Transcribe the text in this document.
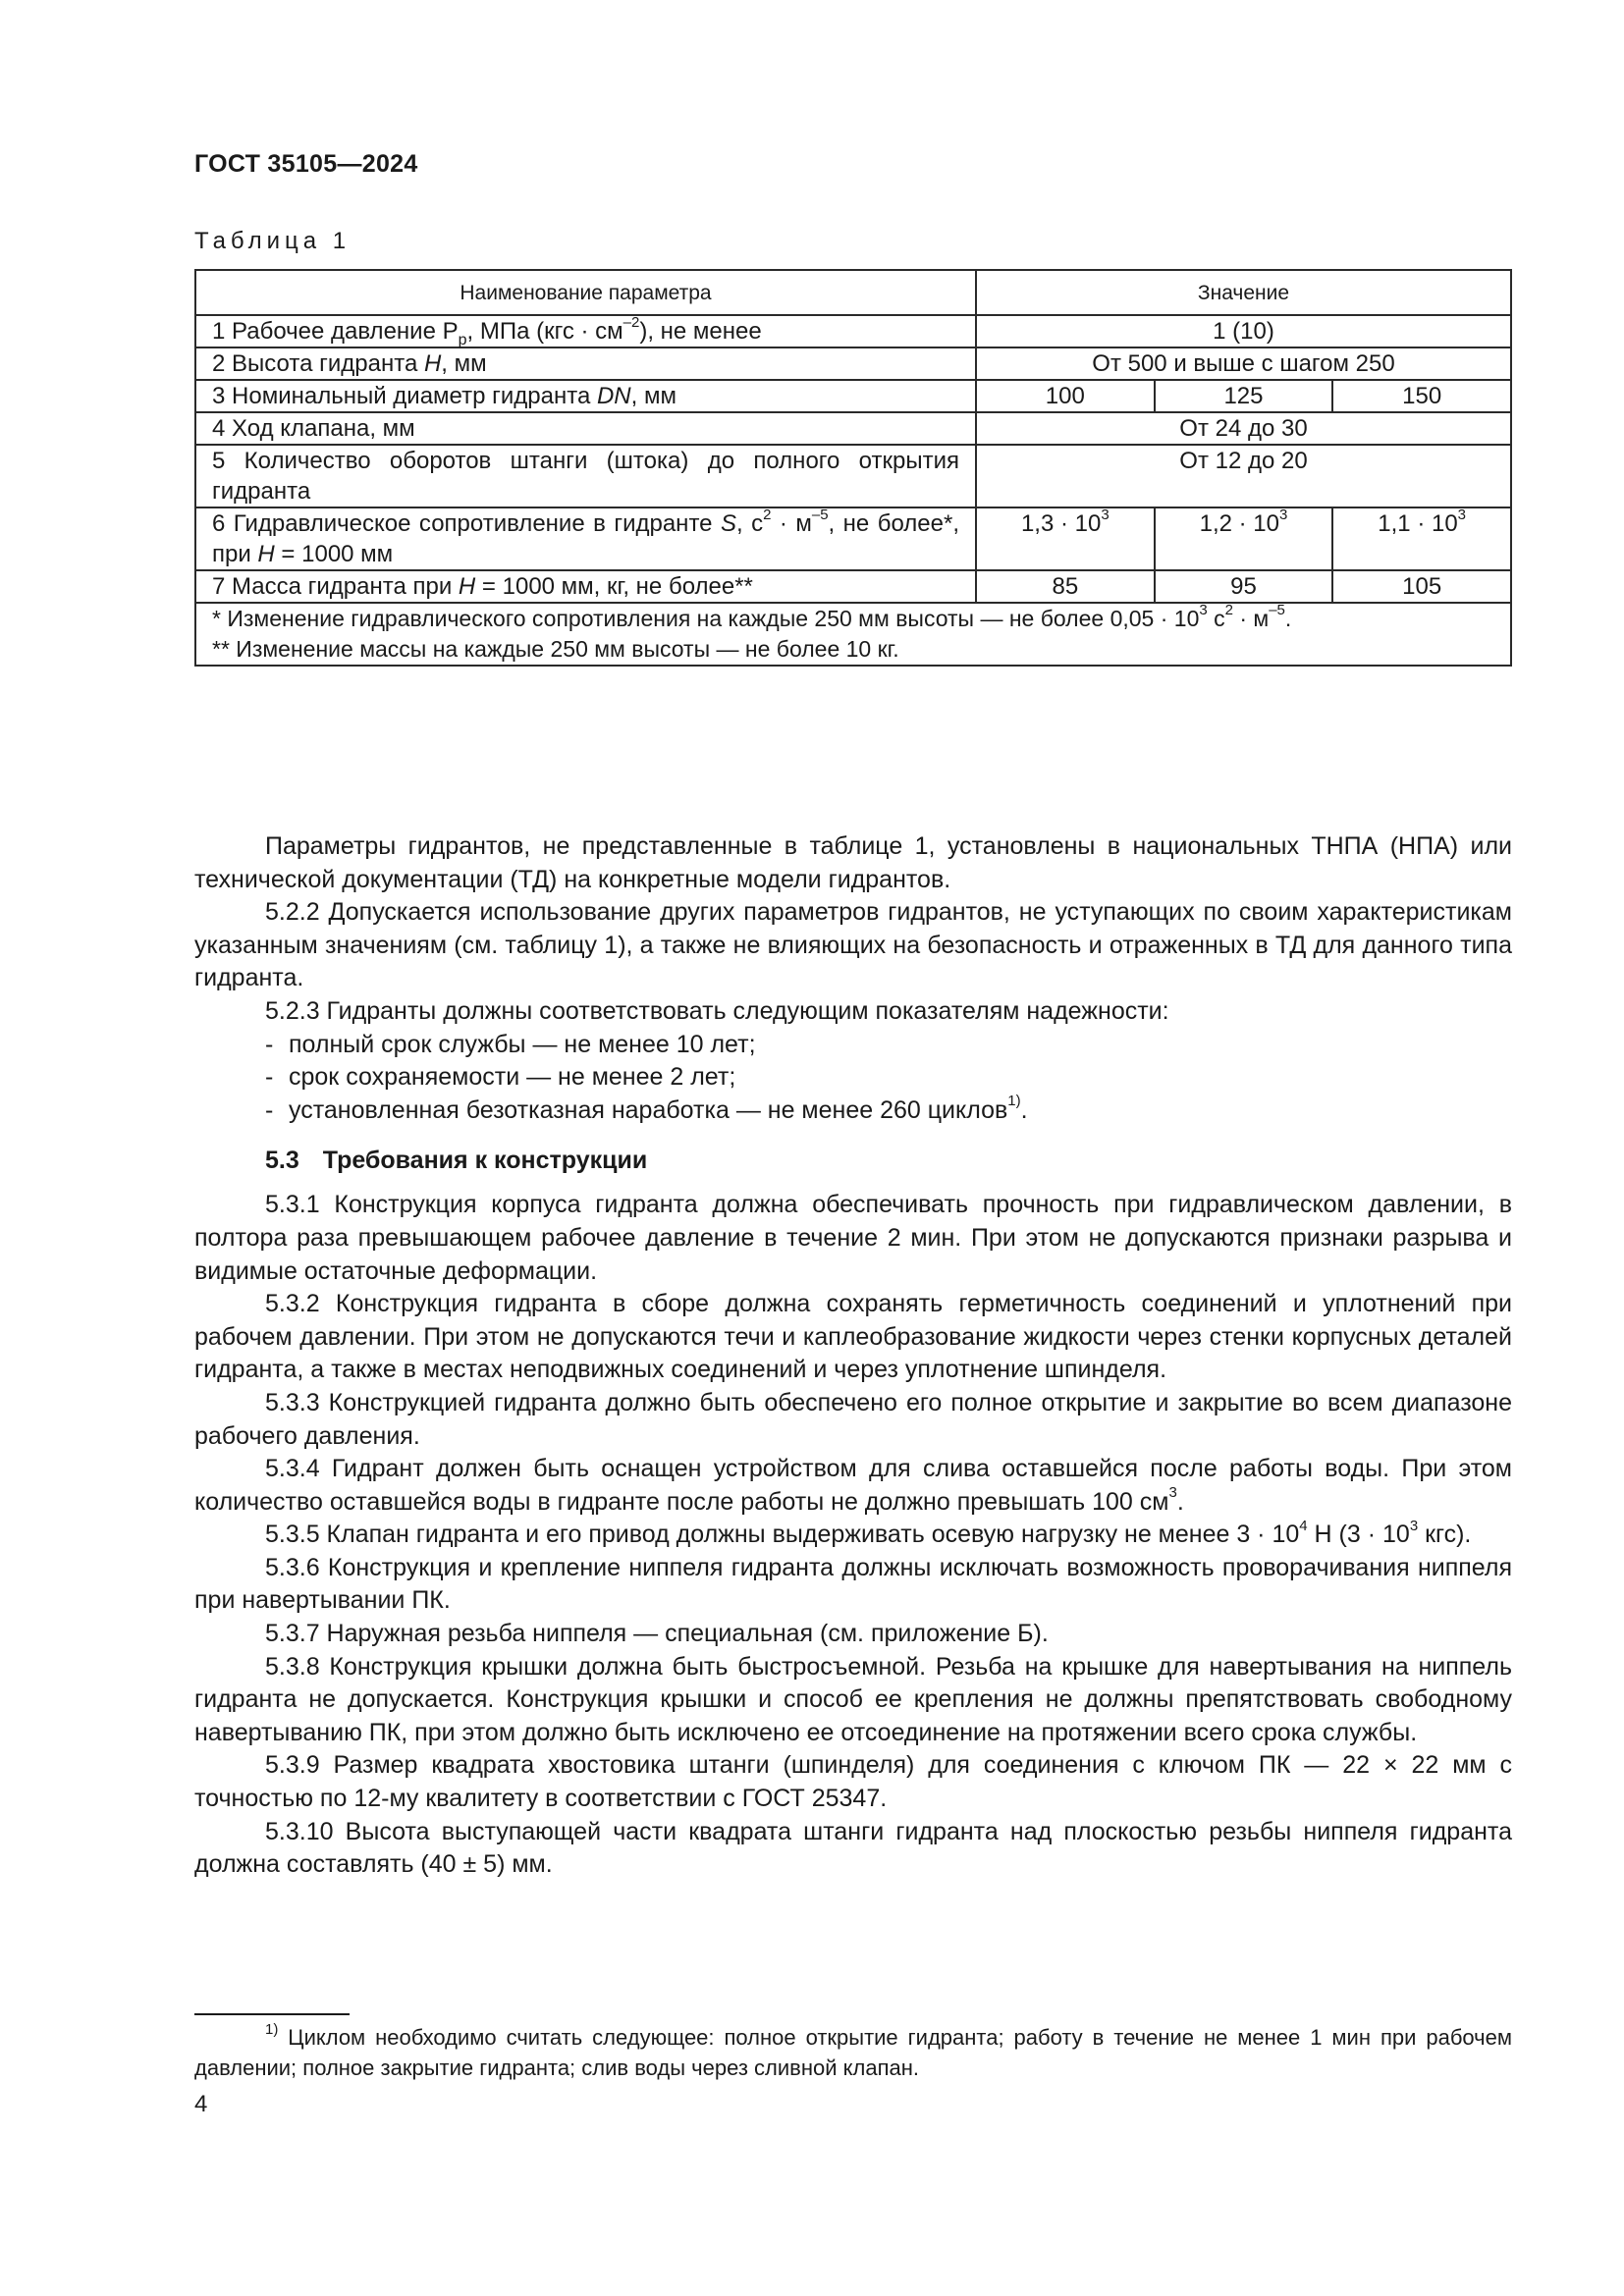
ГОСТ 35105—2024
Таблица 1
Наименование параметра	Значение		
1 Рабочее давление $P_р$, МПа $(кгс \cdot см^{-2})$, не менее	1 (10)		
2 Высота гидранта H, мм	От 500 и выше с шагом 250		
3 Номинальный диаметр гидранта DN, мм	100	125	150
4 Ход клапана, мм	От 24 до 30		
5 Количество оборотов штанги (штока) до полного открытия гидранта	От 12 до 20		
6 Гидравлическое сопротивление в гидранте S, $с^2 \cdot м^{-5}$, не более*, при H = 1000 мм	$1,3 \cdot 10^3$	$1,2 \cdot 10^3$	$1,1 \cdot 10^3$
7 Масса гидранта при H = 1000 мм, кг, не более**	85	95	105

* Изменение гидравлического сопротивления на каждые 250 мм высоты — не более $0,05 \cdot 10^3$ $с^2 \cdot м^{-5}$.
** Изменение массы на каждые 250 мм высоты — не более 10 кг.			

Параметры гидрантов, не представленные в таблице 1, установлены в национальных ТНПА (НПА) или технической документации (ТД) на конкретные модели гидрантов.

5.2.2 Допускается использование других параметров гидрантов, не уступающих по своим характеристикам указанным значениям (см. таблицу 1), а также не влияющих на безопасность и отраженных в ТД для данного типа гидранта.

5.2.3 Гидранты должны соответствовать следующим показателям надежности:

- полный срок службы — не менее 10 лет;

- срок сохраняемости — не менее 2 лет;

- установленная безотказная наработка — не менее 260 циклов$^{1)}$.

5.3 Требования к конструкции

5.3.1 Конструкция корпуса гидранта должна обеспечивать прочность при гидравлическом давлении, в полтора раза превышающем рабочее давление в течение 2 мин. При этом не допускаются признаки разрыва и видимые остаточные деформации.

5.3.2 Конструкция гидранта в сборе должна сохранять герметичность соединений и уплотнений при рабочем давлении. При этом не допускаются течи и каплеобразование жидкости через стенки корпусных деталей гидранта, а также в местах неподвижных соединений и через уплотнение шпинделя.

5.3.3 Конструкцией гидранта должно быть обеспечено его полное открытие и закрытие во всем диапазоне рабочего давления.

5.3.4 Гидрант должен быть оснащен устройством для слива оставшейся после работы воды. При этом количество оставшейся воды в гидранте после работы не должно превышать 100 $см^3$.

5.3.5 Клапан гидранта и его привод должны выдерживать осевую нагрузку не менее $3 \cdot 10^4$ Н ($3 \cdot 10^3$ кгс).

5.3.6 Конструкция и крепление ниппеля гидранта должны исключать возможность проворачивания ниппеля при навертывании ПК.

5.3.7 Наружная резьба ниппеля — специальная (см. приложение Б).

5.3.8 Конструкция крышки должна быть быстросъемной. Резьба на крышке для навертывания на ниппель гидранта не допускается. Конструкция крышки и способ ее крепления не должны препятствовать свободному навертыванию ПК, при этом должно быть исключено ее отсоединение на протяжении всего срока службы.

5.3.9 Размер квадрата хвостовика штанги (шпинделя) для соединения с ключом ПК — 22 × 22 мм с точностью по 12-му квалитету в соответствии с ГОСТ 25347.

5.3.10 Высота выступающей части квадрата штанги гидранта над плоскостью резьбы ниппеля гидранта должна составлять (40 ± 5) мм.

$^{1)}$ Циклом необходимо считать следующее: полное открытие гидранта; работу в течение не менее 1 мин при рабочем давлении; полное закрытие гидранта; слив воды через сливной клапан.

4
